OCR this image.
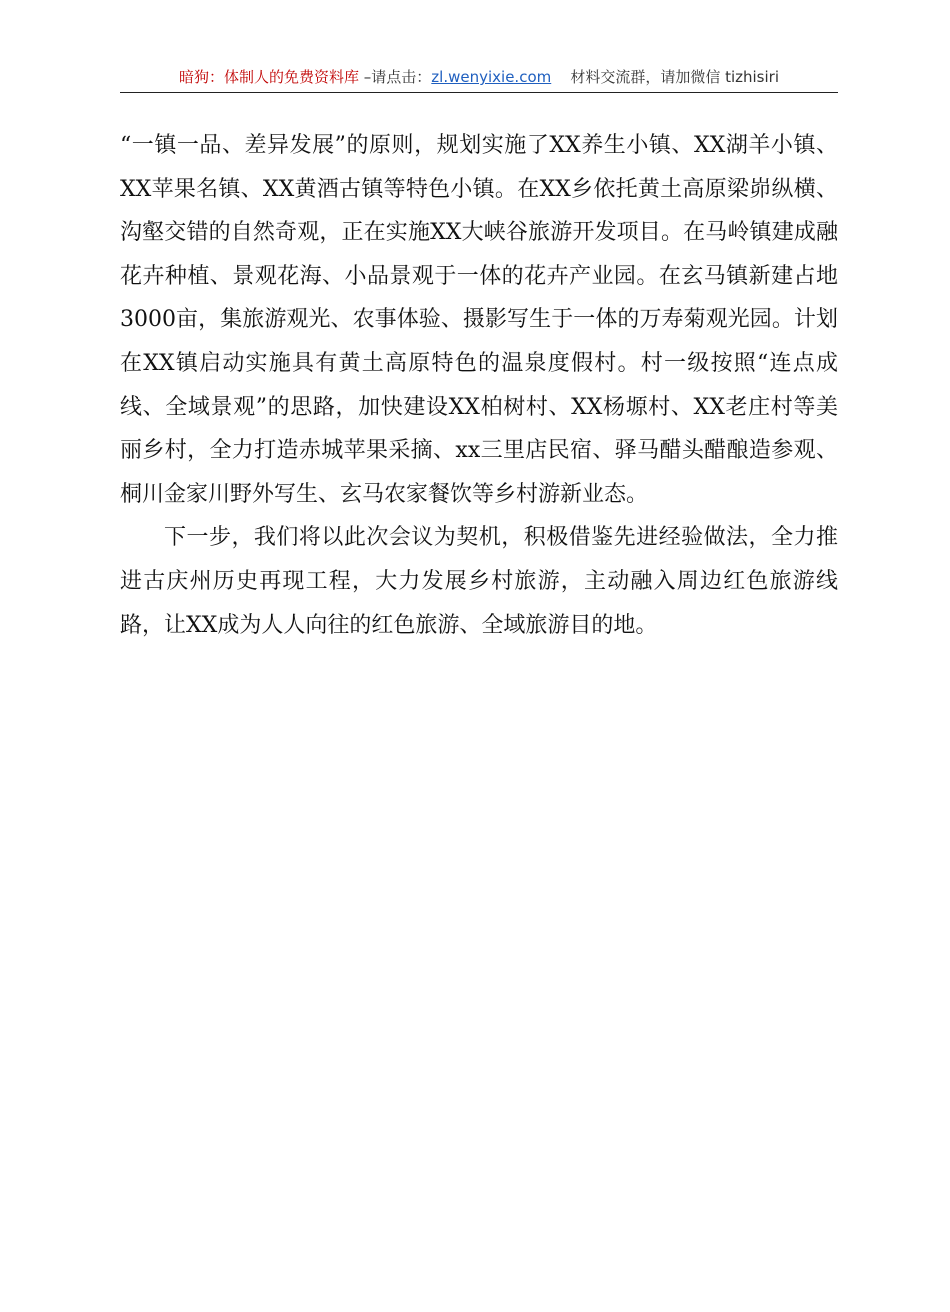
暗狗：体制人的免费资料库 –请点击：zl.wenyixie.com 材料交流群，请加微信 tizhisiri

“一镇一品、差异发展”的原则，规划实施了XX养生小镇、XX湖羊小镇、XX苹果名镇、XX黄酒古镇等特色小镇。在XX乡依托黄土高原梁峁纵横、沟壑交错的自然奇观，正在实施XX大峡谷旅游开发项目。在马岭镇建成融花卉种植、景观花海、小品景观于一体的花卉产业园。在玄马镇新建占地3000亩，集旅游观光、农事体验、摄影写生于一体的万寿菊观光园。计划在XX镇启动实施具有黄土高原特色的温泉度假村。村一级按照“连点成线、全域景观”的思路，加快建设XX柏树村、XX杨塬村、XX老庄村等美丽乡村，全力打造赤城苹果采摘、xx三里店民宿、驿马醋头醋酿造参观、桐川金家川野外写生、玄马农家餐饮等乡村游新业态。

下一步，我们将以此次会议为契机，积极借鉴先进经验做法，全力推进古庆州历史再现工程，大力发展乡村旅游，主动融入周边红色旅游线路，让XX成为人人向往的红色旅游、全域旅游目的地。
